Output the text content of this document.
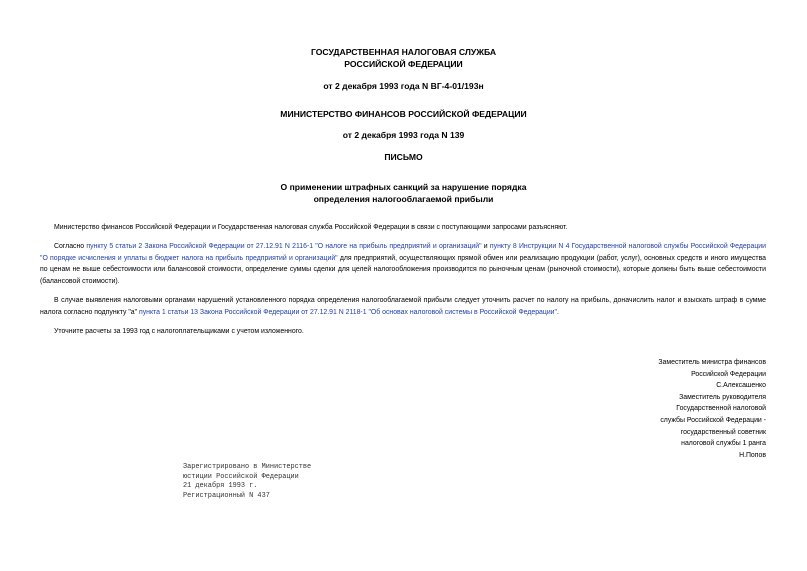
ГОСУДАРСТВЕННАЯ НАЛОГОВАЯ СЛУЖБА
РОССИЙСКОЙ ФЕДЕРАЦИИ
от 2 декабря 1993 года N ВГ-4-01/193н
МИНИСТЕРСТВО ФИНАНСОВ РОССИЙСКОЙ ФЕДЕРАЦИИ
от 2 декабря 1993 года N 139
ПИСЬМО
О применении штрафных санкций за нарушение порядка
определения налогооблагаемой прибыли
Министерство финансов Российской Федерации и Государственная налоговая служба Российской Федерации в связи с поступающими запросами разъясняют.
Согласно пункту 5 статьи 2 Закона Российской Федерации от 27.12.91 N 2116-1 "О налоге на прибыль предприятий и организаций" и пункту 8 Инструкции N 4 Государственной налоговой службы Российской Федерации "О порядке исчисления и уплаты в бюджет налога на прибыль предприятий и организаций" для предприятий, осуществляющих прямой обмен или реализацию продукции (работ, услуг), основных средств и иного имущества по ценам не выше себестоимости или балансовой стоимости, определение суммы сделки для целей налогообложения производится по рыночным ценам (рыночной стоимости), которые должны быть выше себестоимости (балансовой стоимости).
В случае выявления налоговыми органами нарушений установленного порядка определения налогооблагаемой прибыли следует уточнить расчет по налогу на прибыль, доначислить налог и взыскать штраф в сумме налога согласно подпункту "а" пункта 1 статьи 13 Закона Российской Федерации от 27.12.91 N 2118-1 "Об основах налоговой системы в Российской Федерации".
Уточните расчеты за 1993 год с налогоплательщиками с учетом изложенного.
Заместитель министра финансов
Российской Федерации
С.Алексашенко
Заместитель руководителя
Государственной налоговой
службы Российской Федерации -
государственный советник
налоговой службы 1 ранга
Н.Попов
Зарегистрировано в Министерстве
юстиции Российской Федерации
21 декабря 1993 г.
Регистрационный N 437
